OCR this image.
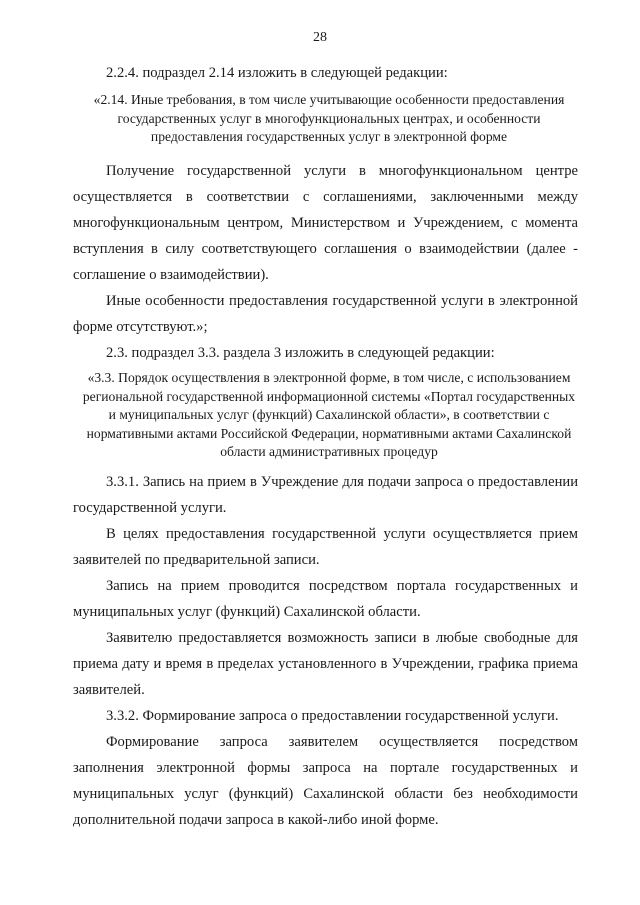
28

2.2.4. подраздел 2.14 изложить в следующей редакции:

«2.14. Иные требования, в том числе учитывающие особенности предоставления государственных услуг в многофункциональных центрах, и особенности предоставления государственных услуг в электронной форме

Получение государственной услуги в многофункциональном центре осуществляется в соответствии с соглашениями, заключенными между многофункциональным центром, Министерством и Учреждением, с момента вступления в силу соответствующего соглашения о взаимодействии (далее - соглашение о взаимодействии).

Иные особенности предоставления государственной услуги в электронной форме отсутствуют.»;

2.3. подраздел 3.3. раздела 3 изложить в следующей редакции:

«3.3. Порядок осуществления в электронной форме, в том числе, с использованием региональной государственной информационной системы «Портал государственных и муниципальных услуг (функций) Сахалинской области», в соответствии с нормативными актами Российской Федерации, нормативными актами Сахалинской области административных процедур

3.3.1. Запись на прием в Учреждение для подачи запроса о предоставлении государственной услуги.

В целях предоставления государственной услуги осуществляется прием заявителей по предварительной записи.

Запись на прием проводится посредством портала государственных и муниципальных услуг (функций) Сахалинской области.

Заявителю предоставляется возможность записи в любые свободные для приема дату и время в пределах установленного в Учреждении, графика приема заявителей.

3.3.2. Формирование запроса о предоставлении государственной услуги.

Формирование запроса заявителем осуществляется посредством заполнения электронной формы запроса на портале государственных и муниципальных услуг (функций) Сахалинской области без необходимости дополнительной подачи запроса в какой-либо иной форме.
